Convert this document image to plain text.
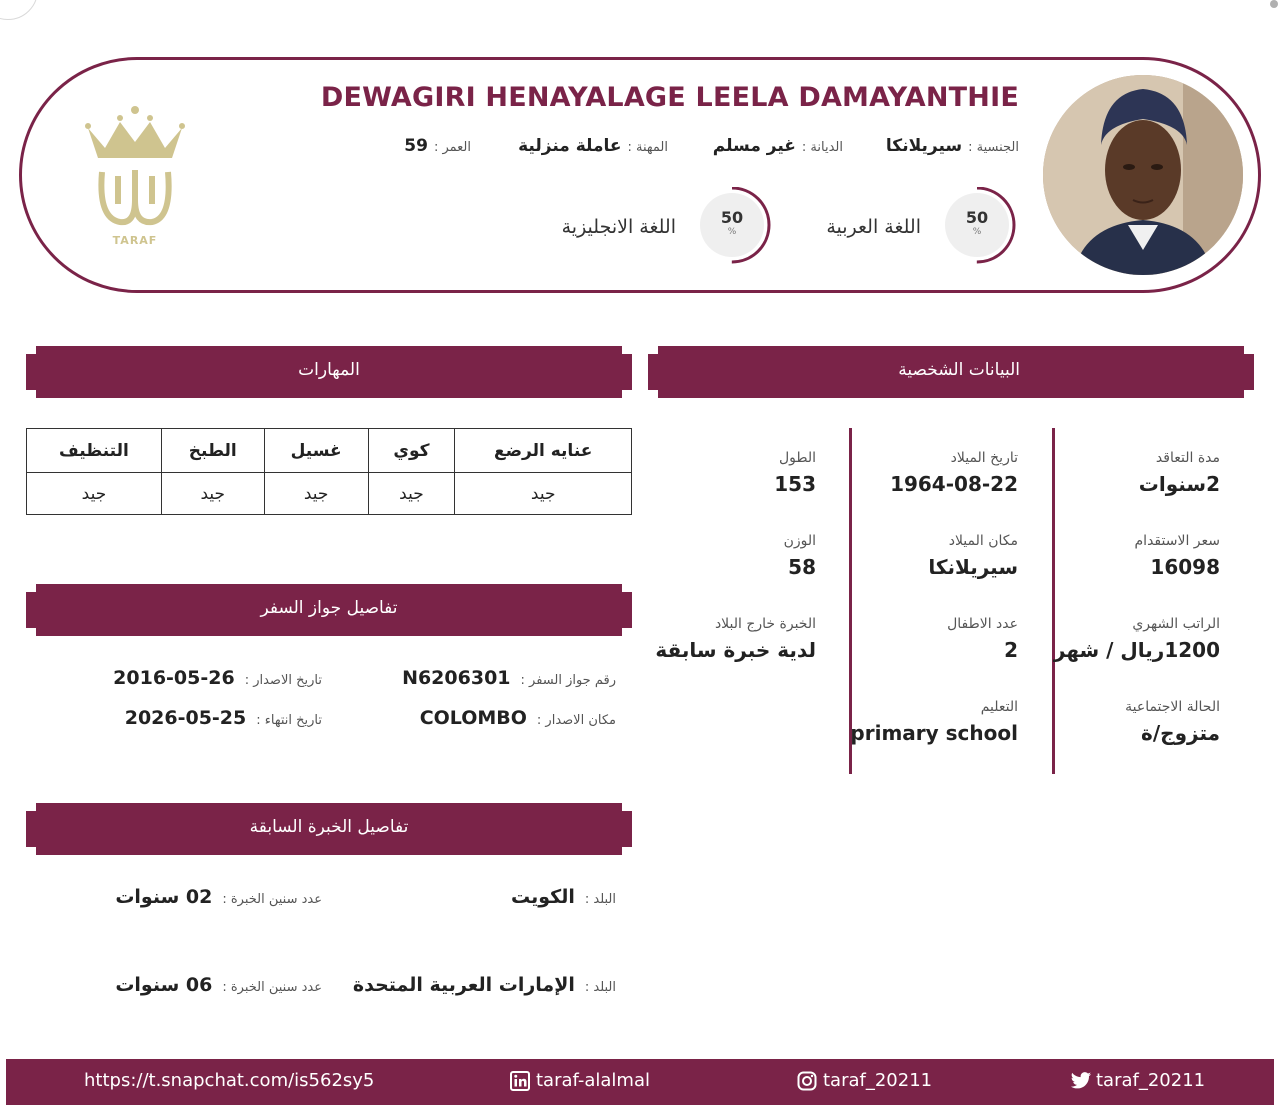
DEWAGIRI HENAYALAGE LEELA DAMAYANTHIE
الجنسية :
سيريلانكا
الديانة :
غير مسلم
المهنة :
عاملة منزلية
العمر :
59
50
%
اللغة العربية
50
%
اللغة الانجليزية
TARAF
المهارات	البيانات الشخصية
تفاصيل جواز السفر
تفاصيل الخبرة السابقة
عنايه الرضع	كوي	غسيل	الطبخ	التنظيف
جيد	جيد	جيد	جيد	جيد
رقم جواز السفر :
N6206301
تاريخ الاصدار :
2016-05-26
مكان الاصدار :
COLOMBO
تاريخ انتهاء :
2026-05-25
البلد :
الكويت
عدد سنين الخبرة :
02 سنوات
البلد :
الإمارات العربية المتحدة
عدد سنين الخبرة :
06 سنوات
مدة التعاقد
2سنوات
سعر الاستقدام
16098
الراتب الشهري
1200ريال / شهر
الحالة الاجتماعية
متزوج/ة
تاريخ الميلاد
1964-08-22
مكان الميلاد
سيريلانكا
عدد الاطفال
2
التعليم
primary school
الطول
153
الوزن
58
الخبرة خارج البلاد
لدية خبرة سابقة
https://t.snapchat.com/is562sy5	taraf-alalmal	taraf_20211	taraf_20211
